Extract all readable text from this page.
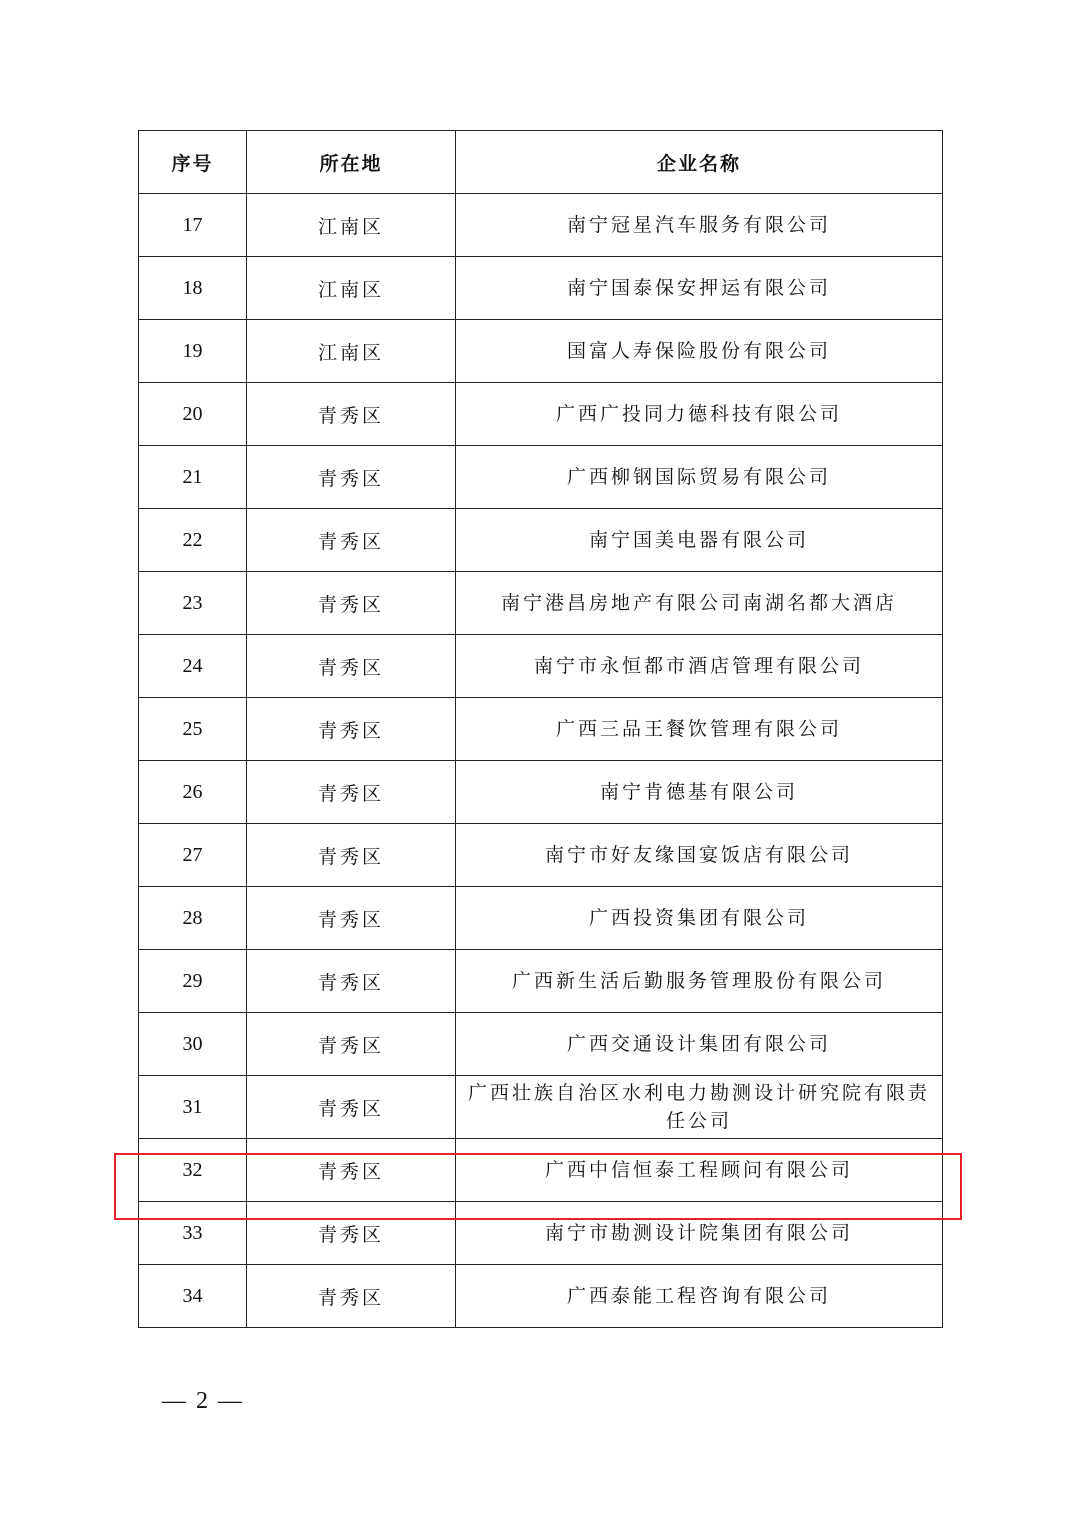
序号	所在地	企业名称
17	江南区	南宁冠星汽车服务有限公司
18	江南区	南宁国泰保安押运有限公司
19	江南区	国富人寿保险股份有限公司
20	青秀区	广西广投同力德科技有限公司
21	青秀区	广西柳钢国际贸易有限公司
22	青秀区	南宁国美电器有限公司
23	青秀区	南宁港昌房地产有限公司南湖名都大酒店
24	青秀区	南宁市永恒都市酒店管理有限公司
25	青秀区	广西三品王餐饮管理有限公司
26	青秀区	南宁肯德基有限公司
27	青秀区	南宁市好友缘国宴饭店有限公司
28	青秀区	广西投资集团有限公司
29	青秀区	广西新生活后勤服务管理股份有限公司
30	青秀区	广西交通设计集团有限公司
31	青秀区	广西壮族自治区水利电力勘测设计研究院有限责任公司
32	青秀区	广西中信恒泰工程顾问有限公司
33	青秀区	南宁市勘测设计院集团有限公司
34	青秀区	广西泰能工程咨询有限公司
— 2 —
